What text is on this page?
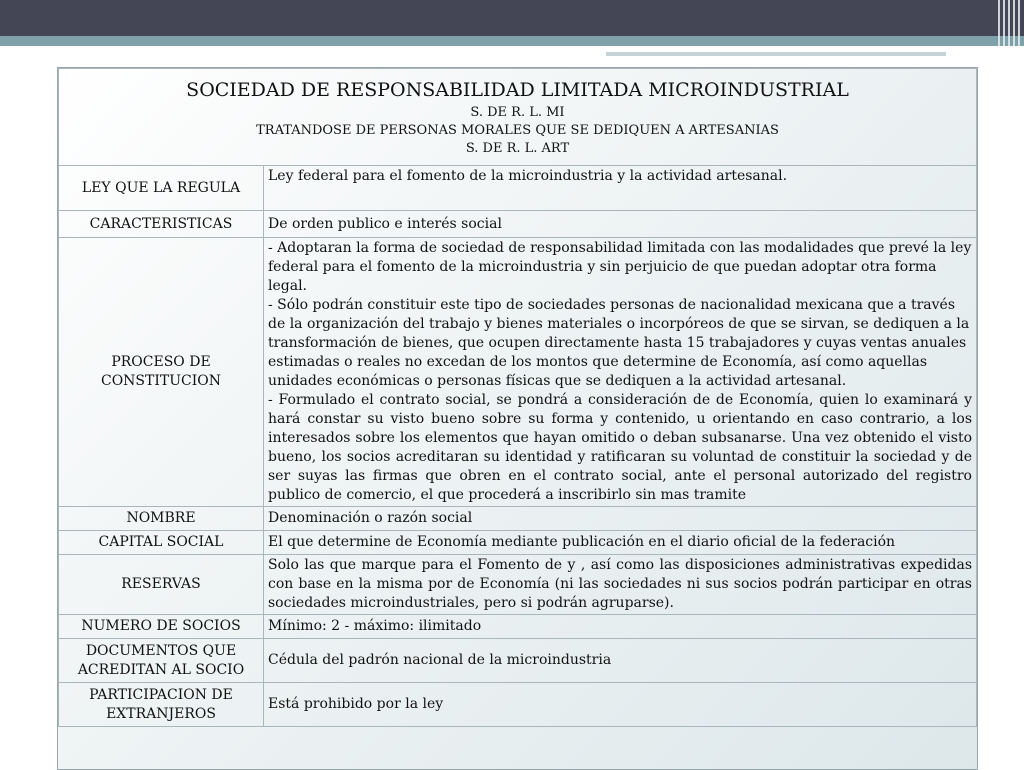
SOCIEDAD DE RESPONSABILIDAD LIMITADA MICROINDUSTRIAL
S. DE R. L. MI
TRATANDOSE DE PERSONAS MORALES QUE SE DEDIQUEN A ARTESANIAS
S. DE R. L. ART	

LEY QUE LA REGULA	Ley federal para el fomento de la microindustria y la actividad artesanal.
CARACTERISTICAS	De orden publico e interés social
PROCESO DE CONSTITUCION	- Adoptaran la forma de sociedad de responsabilidad limitada con las modalidades que prevé la ley federal para el fomento de la microindustria y sin perjuicio de que puedan adoptar otra forma legal.
- Sólo podrán constituir este tipo de sociedades personas de nacionalidad mexicana que a través de la organización del trabajo y bienes materiales o incorpóreos de que se sirvan, se dediquen a la transformación de bienes, que ocupen directamente hasta 15 trabajadores y cuyas ventas anuales estimadas o reales no excedan de los montos que determine de Economía, así como aquellas unidades económicas o personas físicas que se dediquen a la actividad artesanal.
- Formulado el contrato social, se pondrá a consideración de de Economía, quien lo examinará y hará constar su visto bueno sobre su forma y contenido, u orientando en caso contrario, a los interesados sobre los elementos que hayan omitido o deban subsanarse. Una vez obtenido el visto bueno, los socios acreditaran su identidad y ratificaran su voluntad de constituir la sociedad y de ser suyas las firmas que obren en el contrato social, ante el personal autorizado del registro publico de comercio, el que procederá a inscribirlo sin mas tramite

NOMBRE	Denominación o razón social
CAPITAL SOCIAL	El que determine de Economía mediante publicación en el diario oficial de la federación
RESERVAS	Solo las que marque para el Fomento de y , así como las disposiciones administrativas expedidas con base en la misma por de Economía (ni las sociedades ni sus socios podrán participar en otras sociedades microindustriales, pero si podrán agruparse).
NUMERO DE SOCIOS	Mínimo: 2 - máximo: ilimitado
DOCUMENTOS QUE ACREDITAN AL SOCIO	Cédula del padrón nacional de la microindustria
PARTICIPACION DE EXTRANJEROS	Está prohibido por la ley
